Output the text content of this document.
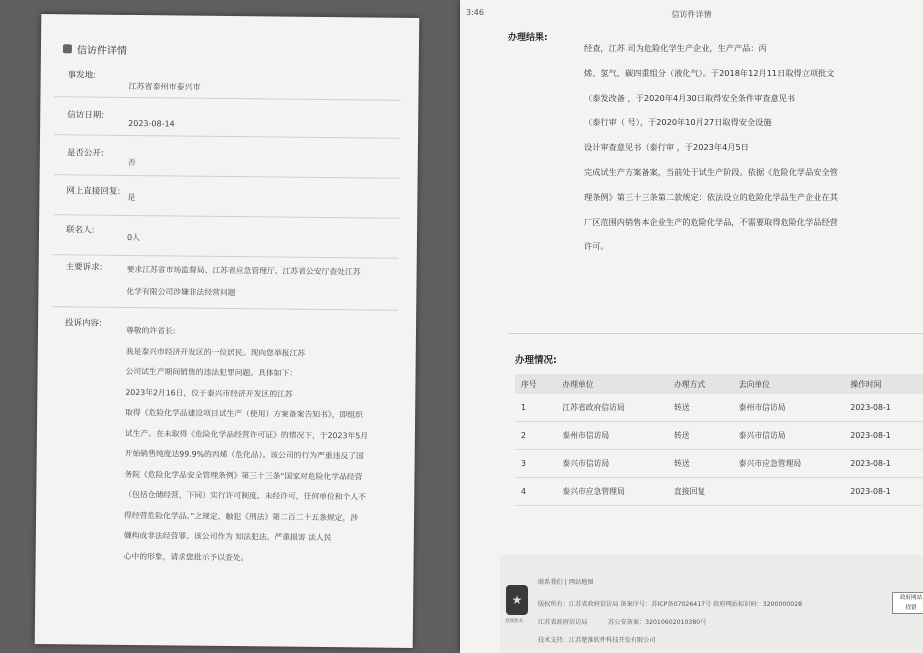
信访件详情
事发地:
江苏省泰州市泰兴市
信访日期:
2023-08-14
是否公开:
否
网上直接回复:
是
联名人:
0人
主要诉求:	要求江苏省市场监督局、江苏省应急管理厅、江苏省公安厅查处江苏
化学有限公司涉嫌非法经营问题
投诉内容:
尊敬的许省长:
我是泰兴市经济开发区的一位居民。现向您举报江苏
公司试生产期间销售的违法犯罪问题。具体如下：
2023年2月16日，位于泰兴市经济开发区的江苏
取得《危险化学品建设项目试生产（使用）方案备案告知书》，即组织
试生产。在未取得《危险化学品经营许可证》的情况下，于2023年5月
开始销售纯度达99.9%的丙烯（危化品）。该公司的行为严重违反了国
务院《危险化学品安全管理条例》第三十三条“国家对危险化学品经营
（包括仓储经营，下同）实行许可制度。未经许可，任何单位和个人不
得经营危险化学品。”之规定，触犯《刑法》第二百二十五条规定，涉
嫌构成非法经营罪。该公司作为 知法犯法，严重损害 法人民
心中的形象，请求您批示予以查处。
3:46	信访件详情
办理结果:
经查，江苏 司为危险化学生产企业，生产产品：丙
烯、氢气、碳四重组分（液化气）。于2018年12月11日取得立项批文
（泰发改备 ，于2020年4月30日取得安全条件审查意见书
（泰行审（ 号），于2020年10月27日取得安全设施
设计审查意见书（泰行审 ，于2023年4月5日
完成试生产方案备案，当前处于试生产阶段。依据《危险化学品安全管
理条例》第三十三条第二款规定：依法设立的危险化学品生产企业在其
厂区范围内销售本企业生产的危险化学品，不需要取得危险化学品经营
许可。
办理情况:
序号	办理单位	办理方式	去向单位	操作时间
1	江苏省政府信访局	转送	泰州市信访局	2023-08-1
2	泰州市信访局	转送	泰兴市信访局	2023-08-1
3	泰兴市信访局	转送	泰兴市应急管理局	2023-08-1
4	泰兴市应急管理局	直接回复		2023-08-1
联系我们 | 网站地图
★
党政机关
版权所有：江苏省政府信访局 备案序号：苏ICP备07026417号 政府网站标识码：3200000028
江苏省政府信访局	苏公安备案：32010602010380号
技术支持：江苏楚淮软件科技开发有限公司
政府网站
找错
